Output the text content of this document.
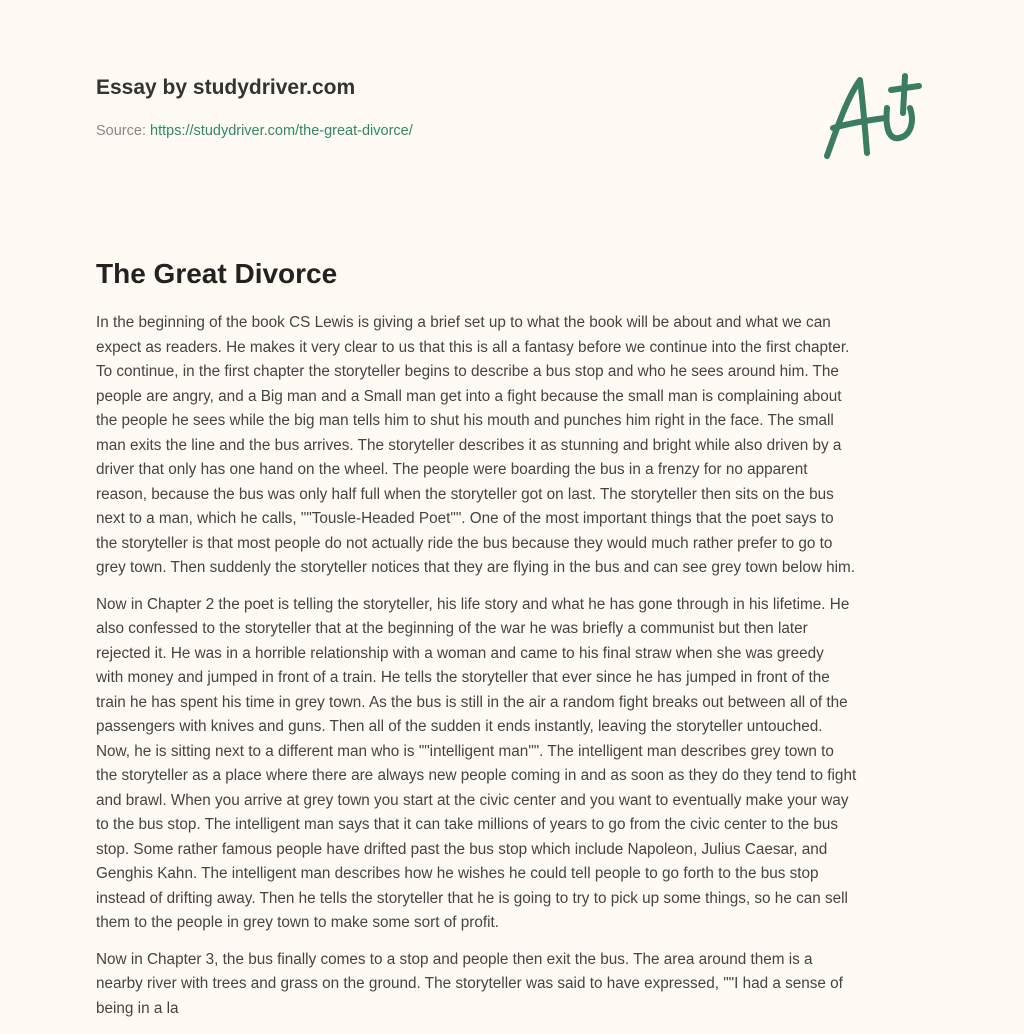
Essay by studydriver.com
Source: https://studydriver.com/the-great-divorce/
The Great Divorce

In the beginning of the book CS Lewis is giving a brief set up to what the book will be about and what we can
expect as readers. He makes it very clear to us that this is all a fantasy before we continue into the first chapter.
To continue, in the first chapter the storyteller begins to describe a bus stop and who he sees around him. The
people are angry, and a Big man and a Small man get into a fight because the small man is complaining about
the people he sees while the big man tells him to shut his mouth and punches him right in the face. The small
man exits the line and the bus arrives. The storyteller describes it as stunning and bright while also driven by a
driver that only has one hand on the wheel. The people were boarding the bus in a frenzy for no apparent
reason, because the bus was only half full when the storyteller got on last. The storyteller then sits on the bus
next to a man, which he calls, ""Tousle-Headed Poet"". One of the most important things that the poet says to
the storyteller is that most people do not actually ride the bus because they would much rather prefer to go to
grey town. Then suddenly the storyteller notices that they are flying in the bus and can see grey town below him.

Now in Chapter 2 the poet is telling the storyteller, his life story and what he has gone through in his lifetime. He
also confessed to the storyteller that at the beginning of the war he was briefly a communist but then later
rejected it. He was in a horrible relationship with a woman and came to his final straw when she was greedy
with money and jumped in front of a train. He tells the storyteller that ever since he has jumped in front of the
train he has spent his time in grey town. As the bus is still in the air a random fight breaks out between all of the
passengers with knives and guns. Then all of the sudden it ends instantly, leaving the storyteller untouched.
Now, he is sitting next to a different man who is ""intelligent man"". The intelligent man describes grey town to
the storyteller as a place where there are always new people coming in and as soon as they do they tend to fight
and brawl. When you arrive at grey town you start at the civic center and you want to eventually make your way
to the bus stop. The intelligent man says that it can take millions of years to go from the civic center to the bus
stop. Some rather famous people have drifted past the bus stop which include Napoleon, Julius Caesar, and
Genghis Kahn. The intelligent man describes how he wishes he could tell people to go forth to the bus stop
instead of drifting away. Then he tells the storyteller that he is going to try to pick up some things, so he can sell
them to the people in grey town to make some sort of profit.

Now in Chapter 3, the bus finally comes to a stop and people then exit the bus. The area around them is a
nearby river with trees and grass on the ground. The storyteller was said to have expressed, ""I had a sense of
being in a la
